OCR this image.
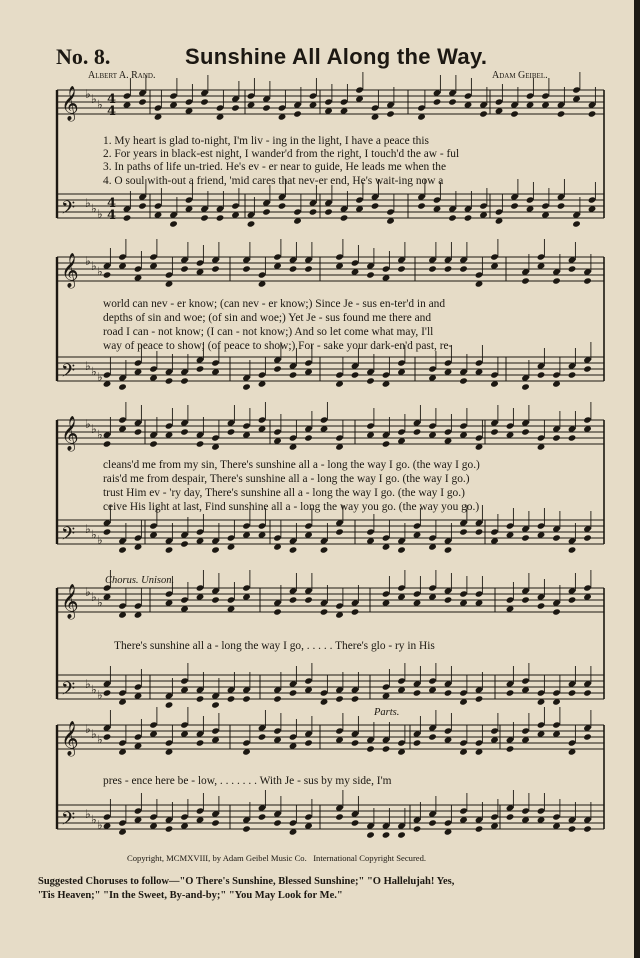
No. 8.	Sunshine All Along the Way.
Albert A. Rand.	Adam Geibel.
𝄞 ♭ ♭ ♭ 4
4
𝄢 ♭ ♭ ♭
4
4
𝄞 ♭ ♭ ♭
𝄢 ♭ ♭ ♭
𝄞 ♭ ♭ ♭
𝄢 ♭ ♭ ♭
𝄞 ♭ ♭ ♭
𝄢 ♭ ♭ ♭
𝄞 ♭ ♭ ♭
𝄢 ♭ ♭ ♭
1. My heart is glad to-night, I'm liv - ing in the light, I have a peace this
2. For years in black-est night, I wander'd from the right, I touch'd the aw - ful
3. In paths of life un-tried. He's ev - er near to guide, He leads me when the
4. O soul with-out a friend, 'mid cares that nev-er end, He's wait-ing now a
world can nev - er know; (can nev - er know;) Since Je - sus en-ter'd in and
depths of sin and woe; (of sin and woe;) Yet Je - sus found me there and
road I can - not know; (I can - not know;) And so let come what may, I'll
way of peace to show; (of peace to show;) For - sake your dark-en'd past, re-
cleans'd me from my sin, There's sunshine all a - long the way I go. (the way I go.)
rais'd me from despair, There's sunshine all a - long the way I go. (the way I go.)
trust Him ev - 'ry day, There's sunshine all a - long the way I go. (the way I go.)
ceive His light at last, Find sunshine all a - long the way you go. (the way you go.)
Chorus. Unison.
There's sunshine all a - long the way I go, . . . . . There's glo - ry in His
Parts.
pres - ence here be - low, . . . . . . . With Je - sus by my side, I'm
Copyright, MCMXVIII, by Adam Geibel Music Co.   International Copyright Secured.
Suggested Choruses to follow—"O There's Sunshine, Blessed Sunshine;" "O Hallelujah! Yes,
'Tis Heaven;" "In the Sweet, By-and-by;" "You May Look for Me."
